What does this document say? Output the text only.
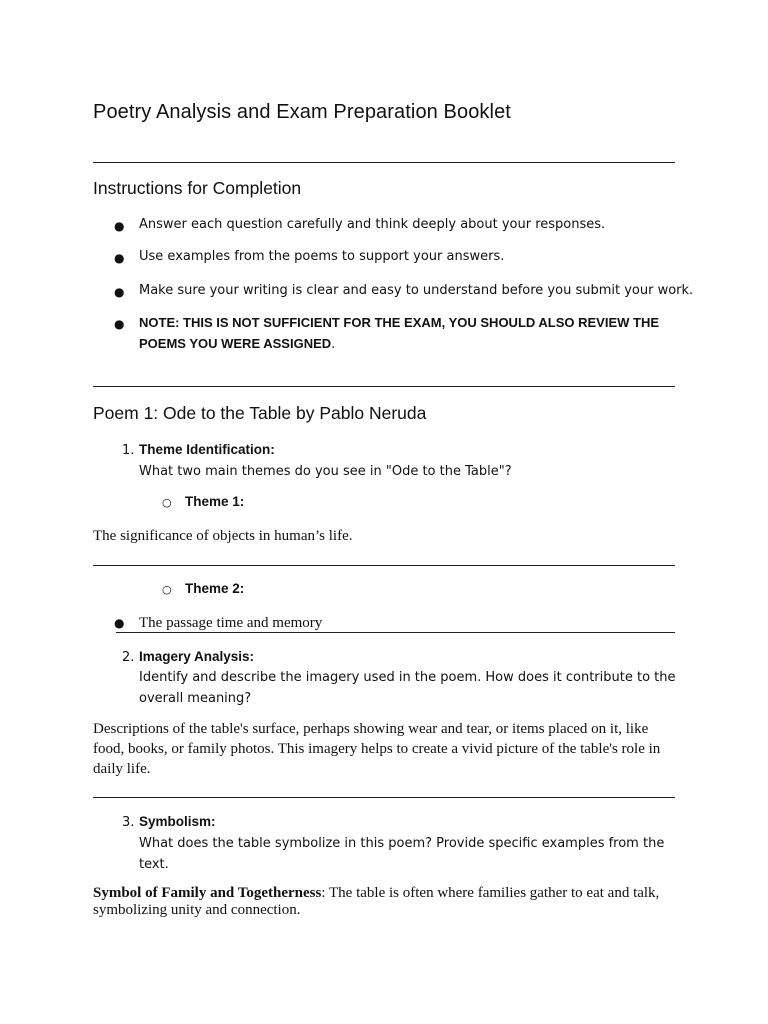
Poetry Analysis and Exam Preparation Booklet
Instructions for Completion
● Answer each question carefully and think deeply about your responses.
● Use examples from the poems to support your answers.
● Make sure your writing is clear and easy to understand before you submit your work.
● NOTE: THIS IS NOT SUFFICIENT FOR THE EXAM, YOU SHOULD ALSO REVIEW THE POEMS YOU WERE ASSIGNED.
Poem 1: Ode to the Table by Pablo Neruda
1. Theme Identification:
What two main themes do you see in "Ode to the Table"?
○ Theme 1:
The significance of objects in human’s life.
○ Theme 2:
● The passage time and memory
2. Imagery Analysis:
Identify and describe the imagery used in the poem. How does it contribute to the overall meaning?
Descriptions of the table's surface, perhaps showing wear and tear, or items placed on it, like food, books, or family photos. This imagery helps to create a vivid picture of the table's role in daily life.
3. Symbolism:
What does the table symbolize in this poem? Provide specific examples from the text.
Symbol of Family and Togetherness: The table is often where families gather to eat and talk, symbolizing unity and connection.
